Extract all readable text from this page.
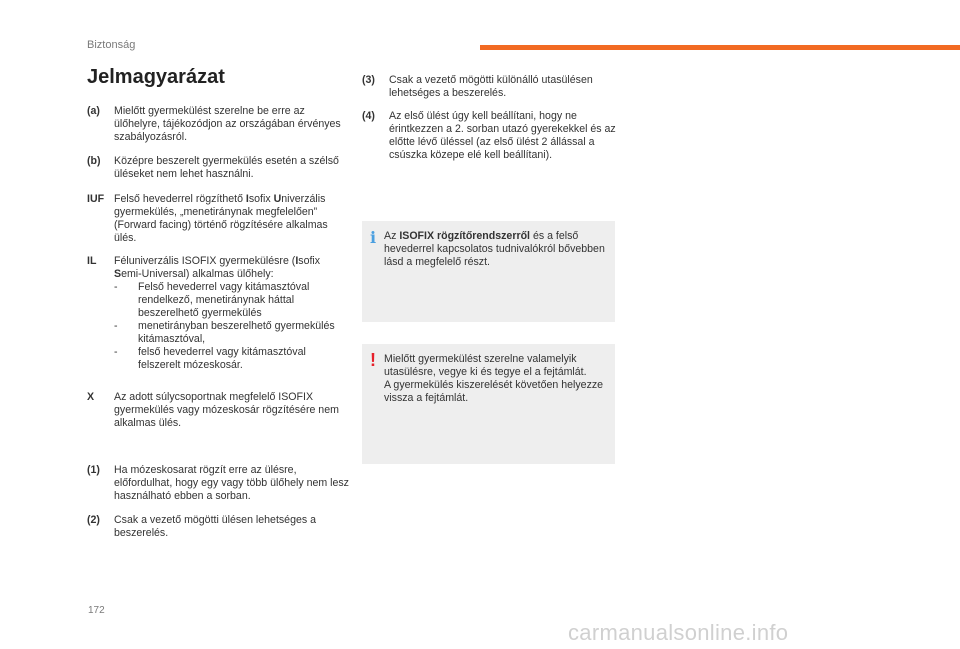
Biztonság
Jelmagyarázat
(a) Mielőtt gyermekülést szerelne be erre az ülőhelyre, tájékozódjon az országában érvényes szabályozásról.

(b) Középre beszerelt gyermekülés esetén a szélső üléseket nem lehet használni.

IUF Felső hevederrel rögzíthető Isofix Univerzális gyermekülés, „menetiránynak megfelelően” (Forward facing) történő rögzítésére alkalmas ülés.

IL Féluniverzális ISOFIX gyermekülésre (Isofix Semi-Universal) alkalmas ülőhely:

-	Felső hevederrel vagy kitámasztóval rendelkező, menetiránynak háttal beszerelhető gyermekülés
-	menetirányban beszerelhető gyermekülés kitámasztóval,
-	felső hevederrel vagy kitámasztóval felszerelt mózeskosár.
X Az adott súlycsoportnak megfelelő ISOFIX gyermekülés vagy mózeskosár rögzítésére nem alkalmas ülés.

(1) Ha mózeskosarat rögzít erre az ülésre, előfordulhat, hogy egy vagy több ülőhely nem lesz használható ebben a sorban.

(2) Csak a vezető mögötti ülésen lehetséges a beszerelés.

(3) Csak a vezető mögötti különálló utasülésen lehetséges a beszerelés.

(4) Az első ülést úgy kell beállítani, hogy ne érintkezzen a 2. sorban utazó gyerekekkel és az előtte lévő üléssel (az első ülést 2 állással a csúszka közepe elé kell beállítani).

i Az ISOFIX rögzítőrendszerről és a felső hevederrel kapcsolatos tudnivalókról bővebben lásd a megfelelő részt.

! Mielőtt gyermekülést szerelne valamelyik utasülésre, vegye ki és tegye el a fejtámlát.

A gyermekülés kiszerelését követően helyezze vissza a fejtámlát.

172
carmanualsonline.info
